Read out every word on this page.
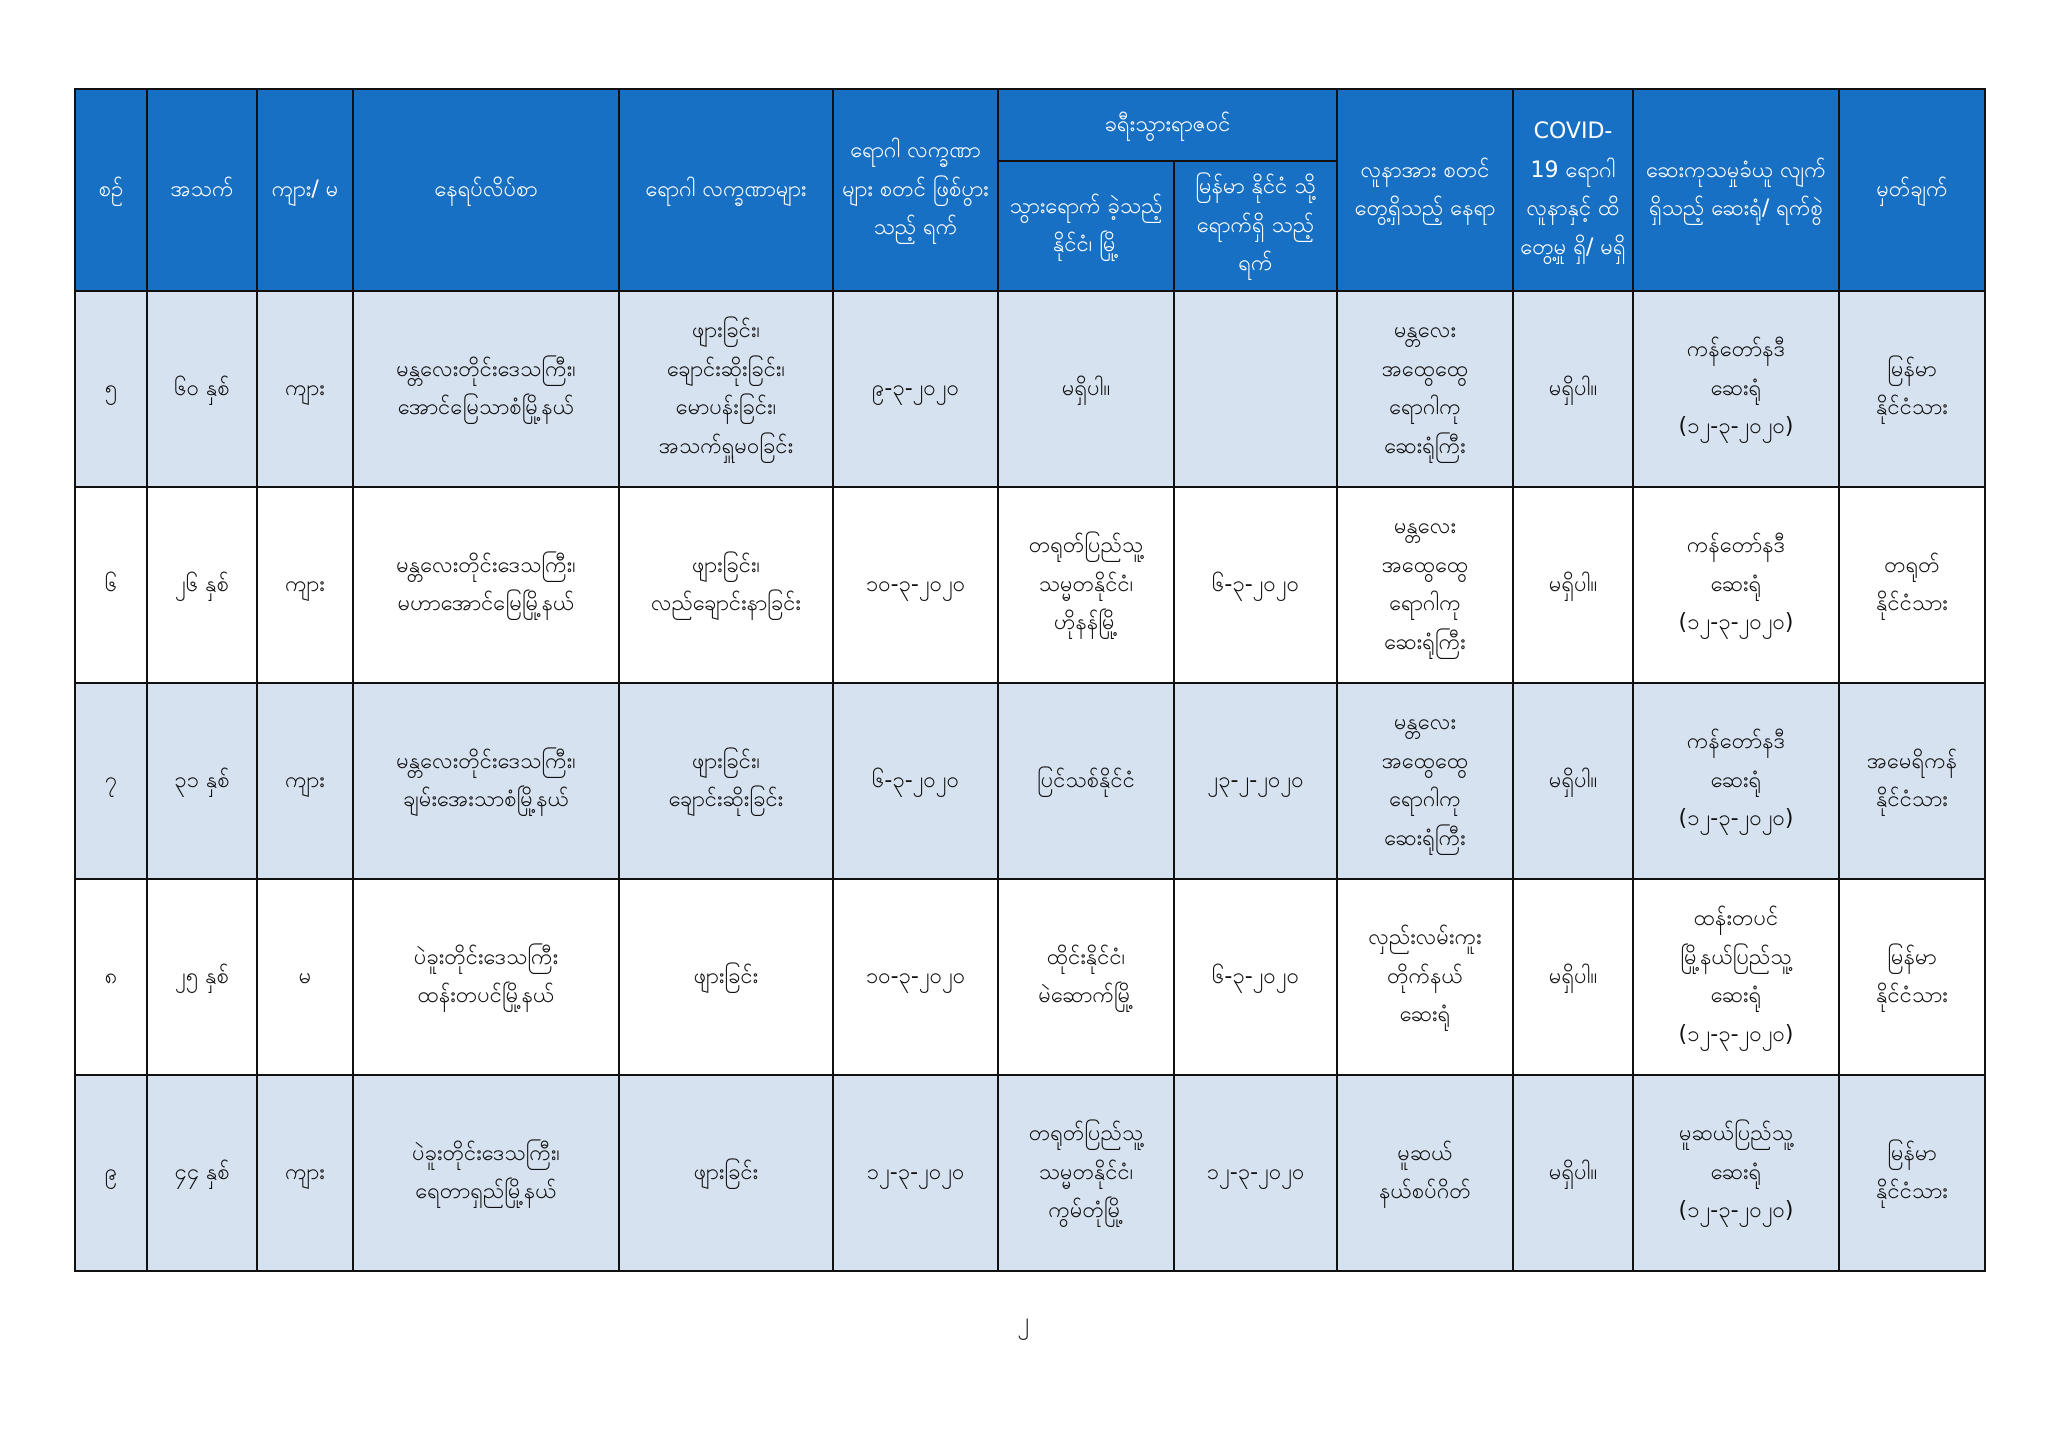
စဉ်	အသက်	ကျား/ မ	နေရပ်လိပ်စာ	ရောဂါ လက္ခဏာများ	ရောဂါ လက္ခဏာများ စတင် ဖြစ်ပွားသည့် ရက်	ခရီးသွားရာဇဝင်		လူနာအား စတင် တွေ့ရှိသည့် နေရာ	COVID-19 ရောဂါ လူနာနှင့် ထိတွေ့မှု ရှိ/ မရှိ	ဆေးကုသမှုခံယူ လျက်ရှိသည့် ဆေးရုံ/ ရက်စွဲ	မှတ်ချက်
						သွားရောက် ခဲ့သည့် နိုင်ငံ၊ မြို့	မြန်မာ နိုင်ငံ သို့ ရောက်ရှိ သည့်ရက်				
၅	၆၀ နှစ်	ကျား	မန္တလေးတိုင်းဒေသကြီး၊
အောင်မြေသာစံမြို့နယ်	ဖျားခြင်း၊
ချောင်းဆိုးခြင်း၊
မောပန်းခြင်း၊
အသက်ရှူမဝခြင်း	၉-၃-၂၀၂၀	မရှိပါ။		မန္တလေး
အထွေထွေ
ရောဂါကု
ဆေးရုံကြီး	မရှိပါ။	ကန်တော်နဒီ
ဆေးရုံ
(၁၂-၃-၂၀၂၀)	မြန်မာ
နိုင်ငံသား

၆	၂၆ နှစ်	ကျား	မန္တလေးတိုင်းဒေသကြီး၊
မဟာအောင်မြေမြို့နယ်	ဖျားခြင်း၊
လည်ချောင်းနာခြင်း	၁၀-၃-၂၀၂၀	တရုတ်ပြည်သူ့
သမ္မတနိုင်ငံ၊
ဟိုနန်မြို့	၆-၃-၂၀၂၀	မန္တလေး
အထွေထွေ
ရောဂါကု
ဆေးရုံကြီး	မရှိပါ။	ကန်တော်နဒီ
ဆေးရုံ
(၁၂-၃-၂၀၂၀)	တရုတ်
နိုင်ငံသား

၇	၃၁ နှစ်	ကျား	မန္တလေးတိုင်းဒေသကြီး၊
ချမ်းအေးသာစံမြို့နယ်	ဖျားခြင်း၊
ချောင်းဆိုးခြင်း	၆-၃-၂၀၂၀	ပြင်သစ်နိုင်ငံ	၂၃-၂-၂၀၂၀	မန္တလေး
အထွေထွေ
ရောဂါကု
ဆေးရုံကြီး	မရှိပါ။	ကန်တော်နဒီ
ဆေးရုံ
(၁၂-၃-၂၀၂၀)	အမေရိကန်
နိုင်ငံသား

၈	၂၅ နှစ်	မ	ပဲခူးတိုင်းဒေသကြီး
ထန်းတပင်မြို့နယ်	ဖျားခြင်း	၁၀-၃-၂၀၂၀	ထိုင်းနိုင်ငံ၊
မဲဆောက်မြို့	၆-၃-၂၀၂၀	လှည်းလမ်းကူး
တိုက်နယ်
ဆေးရုံ	မရှိပါ။	ထန်းတပင်
မြို့နယ်ပြည်သူ့
ဆေးရုံ
(၁၂-၃-၂၀၂၀)	မြန်မာ
နိုင်ငံသား

၉	၄၄ နှစ်	ကျား	ပဲခူးတိုင်းဒေသကြီး၊
ရေတာရှည်မြို့နယ်	ဖျားခြင်း	၁၂-၃-၂၀၂၀	တရုတ်ပြည်သူ့
သမ္မတနိုင်ငံ၊
ကွမ်တုံမြို့	၁၂-၃-၂၀၂၀	မူဆယ်
နယ်စပ်ဂိတ်	မရှိပါ။	မူဆယ်ပြည်သူ့
ဆေးရုံ
(၁၂-၃-၂၀၂၀)	မြန်မာ
နိုင်ငံသား
၂
